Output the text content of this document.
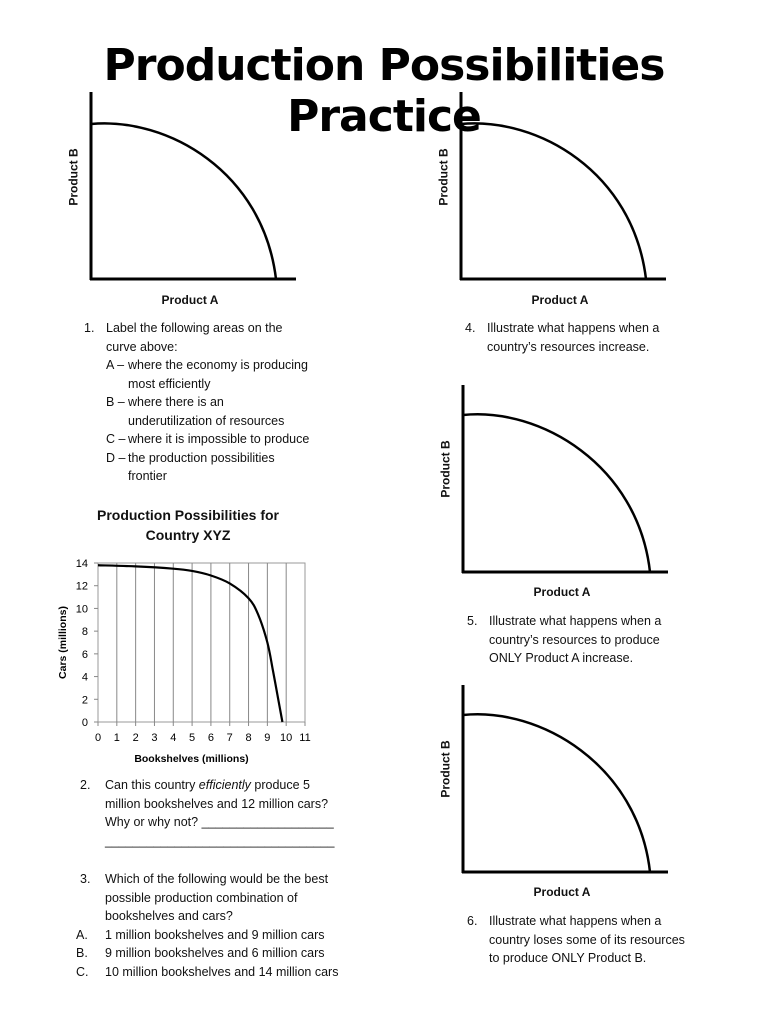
Production Possibilities Practice
Product B
Product A
Product B
Product A
1. Label the following areas on the
curve above:
A – where the economy is producing
most efficiently
B – where there is an
underutilization of resources
C – where it is impossible to produce
D – the production possibilities
frontier
4. Illustrate what happens when a
country’s resources increase.
Product B
Product A
5. Illustrate what happens when a
country’s resources to produce
ONLY Product A increase.
Product B
Product A
6. Illustrate what happens when a
country loses some of its resources
to produce ONLY Product B.
Production Possibilities for
Country XYZ
0 1 2 3 4 5 6 7 8 9 10 11
0
2
4
6
8
10
12
14
Bookshelves (millions)
Cars (millions)
2. Can this country efficiently produce 5
million bookshelves and 12 million cars?
Why or why not? ___________________
_________________________________
3. Which of the following would be the best
possible production combination of
bookshelves and cars?
A. 1 million bookshelves and 9 million cars
B. 9 million bookshelves and 6 million cars
C. 10 million bookshelves and 14 million cars
